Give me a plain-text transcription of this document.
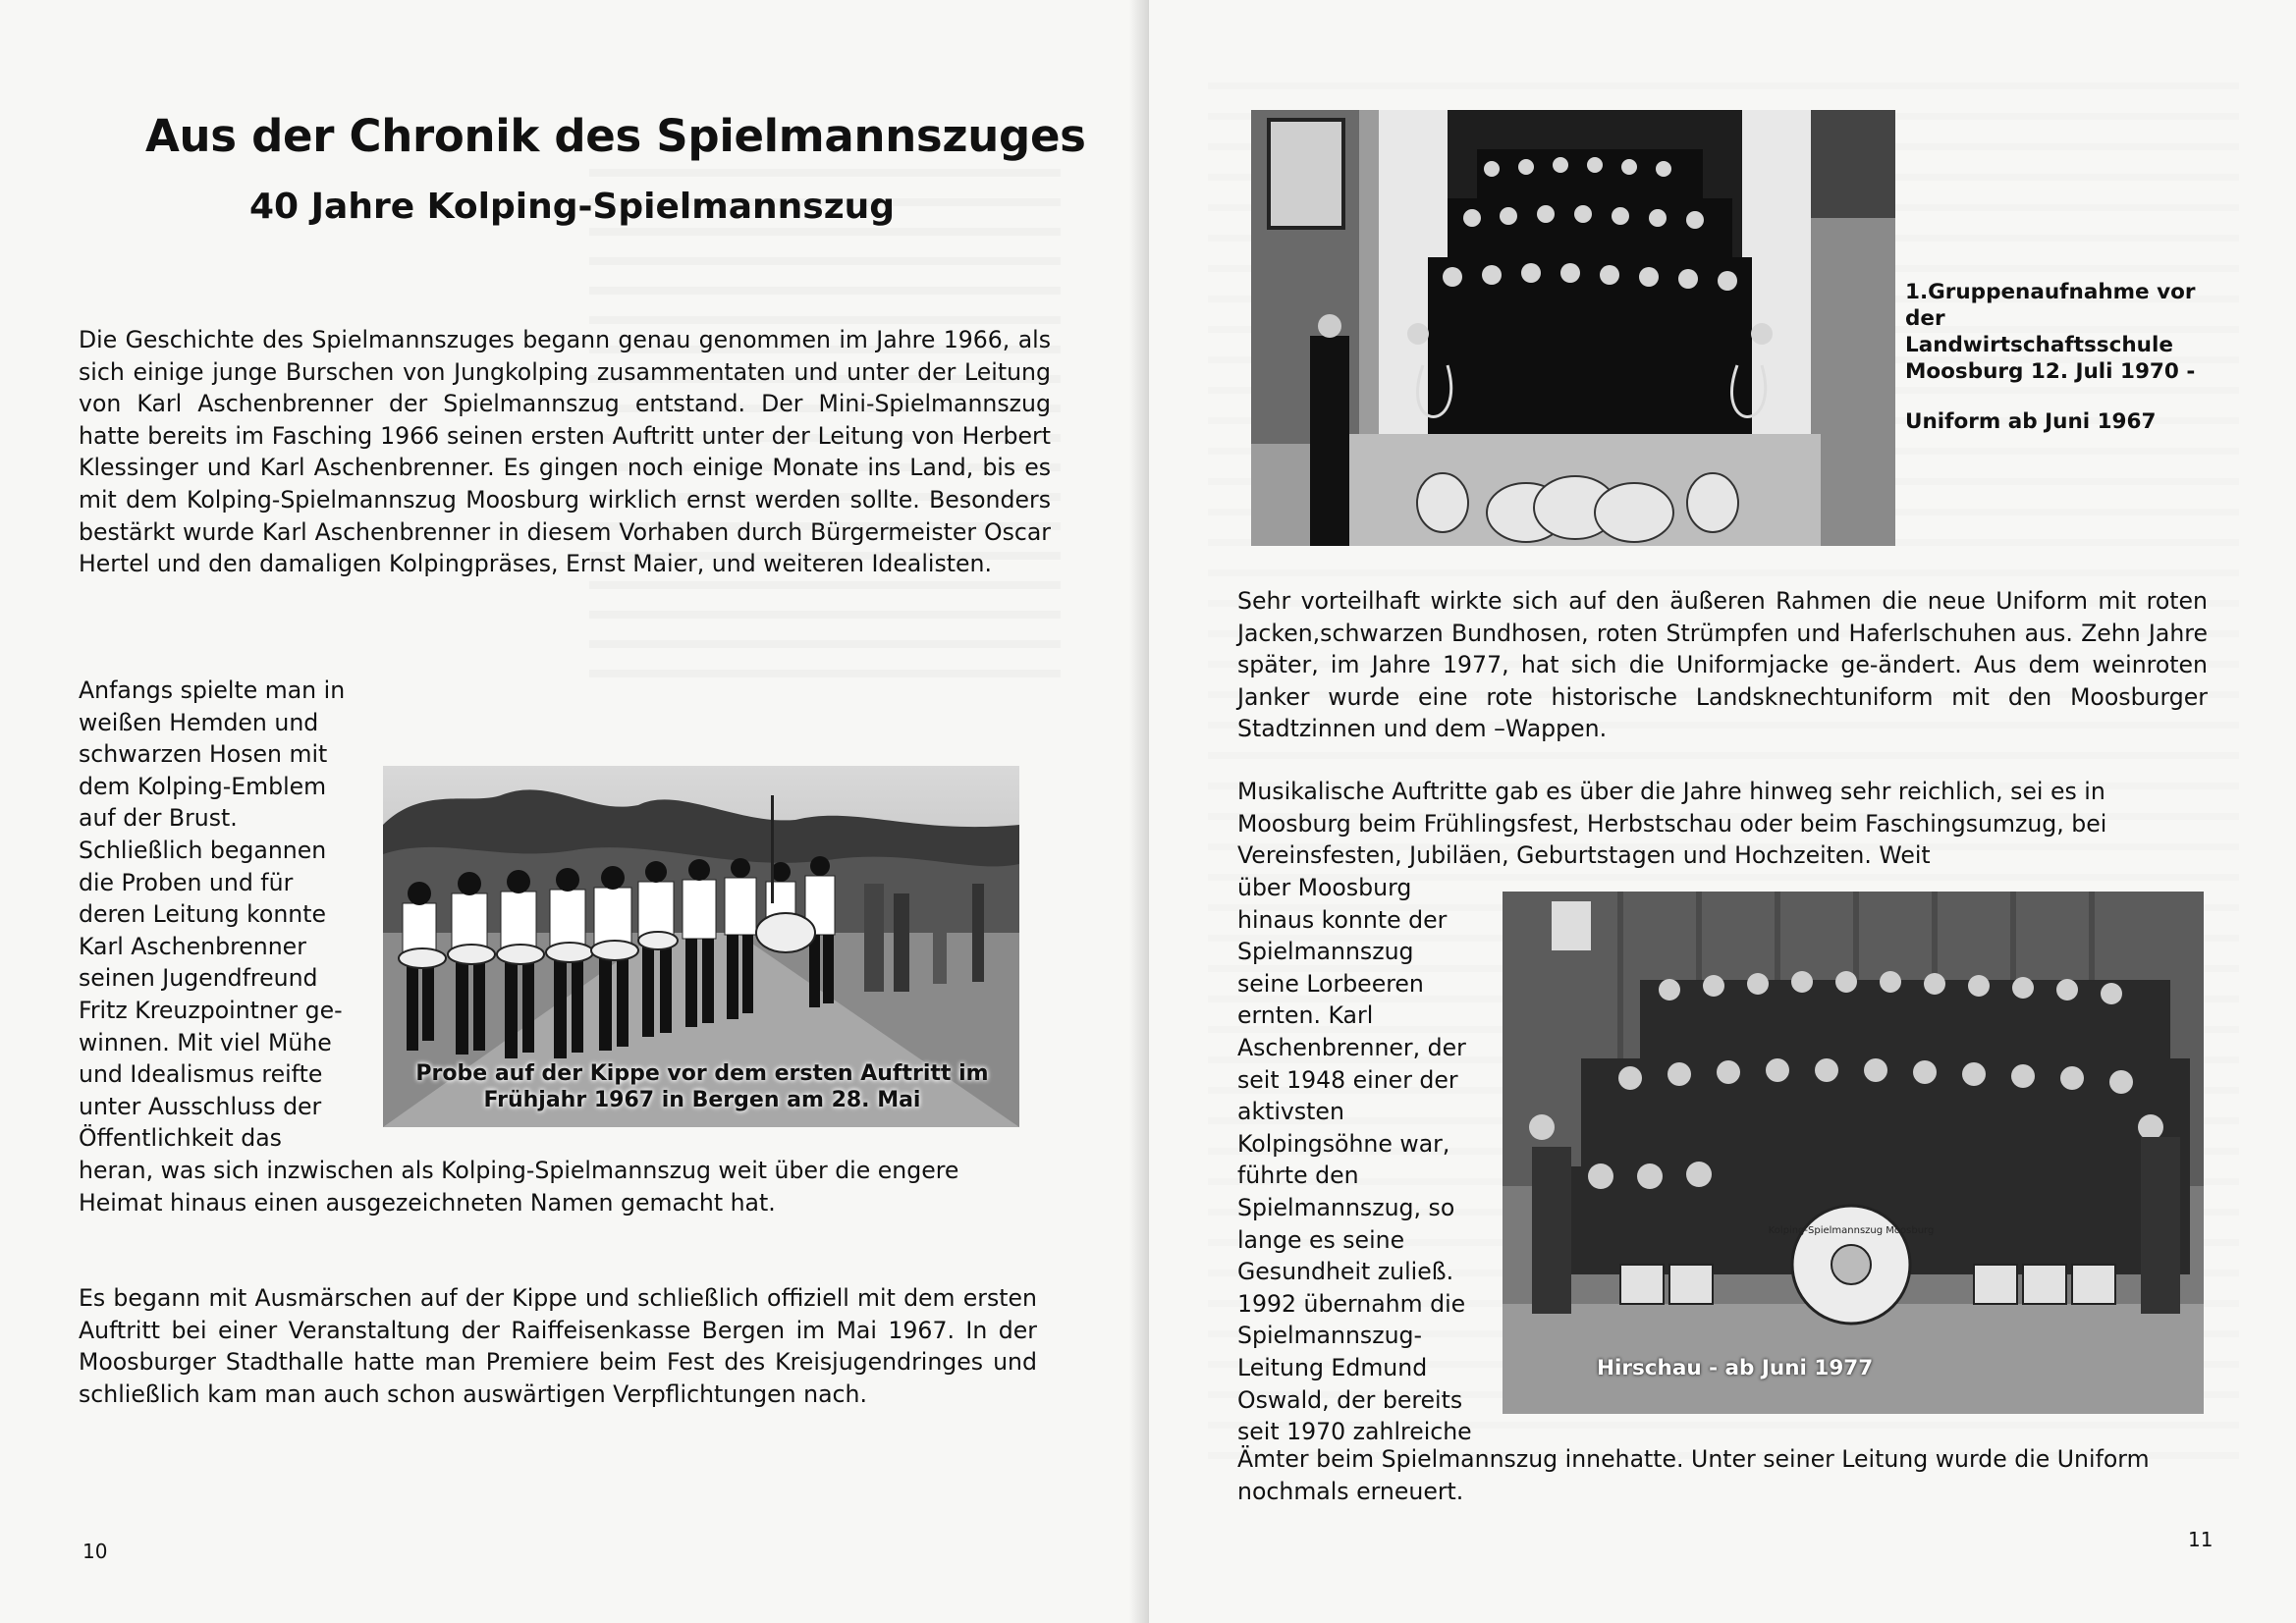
Aus der Chronik des Spielmannszuges
40 Jahre Kolping-Spielmannszug

Die Geschichte des Spielmannszuges begann genau genommen im Jahre 1966, als sich einige junge Burschen von Jungkolping zusammentaten und unter der Leitung von Karl Aschenbrenner der Spielmannszug entstand. Der Mini-Spielmannszug hatte bereits im Fasching 1966 seinen ersten Auftritt unter der Leitung von Herbert Klessinger und Karl Aschenbrenner. Es gingen noch einige Monate ins Land, bis es mit dem Kolping-Spielmannszug Moosburg wirklich ernst werden sollte. Besonders bestärkt wurde Karl Aschenbrenner in diesem Vorhaben durch Bürgermeister Oscar Hertel und den damaligen Kolpingpräses, Ernst Maier, und weiteren Idealisten.

Anfangs spielte man in
weißen Hemden und
schwarzen Hosen mit
dem Kolping-Emblem
auf der Brust.
Schließlich begannen
die Proben und für
deren Leitung konnte
Karl Aschenbrenner
seinen Jugendfreund
Fritz Kreuzpointner ge-
winnen. Mit viel Mühe
und Idealismus reifte
unter Ausschluss der
Öffentlichkeit das

heran, was sich inzwischen als Kolping-Spielmannszug weit über die engere Heimat hinaus einen ausgezeichneten Namen gemacht hat.

Probe auf der Kippe vor dem ersten Auftritt im
Frühjahr 1967 in Bergen am 28. Mai

Es begann mit Ausmärschen auf der Kippe und schließlich offiziell mit dem ersten Auftritt bei einer Veranstaltung der Raiffeisenkasse Bergen im Mai 1967. In der Moosburger Stadthalle hatte man Premiere beim Fest des Kreisjugendringes und schließlich kam man auch schon auswärtigen Verpflichtungen nach.

10
1.Gruppenaufnahme vor
der Landwirtschaftsschule
Moosburg 12. Juli 1970 -
Uniform ab Juni 1967

Sehr vorteilhaft wirkte sich auf den äußeren Rahmen die neue Uniform mit roten Jacken,schwarzen Bundhosen, roten Strümpfen und Haferlschuhen aus. Zehn Jahre später, im Jahre 1977, hat sich die Uniformjacke ge-ändert. Aus dem weinroten Janker wurde eine rote historische Landsknechtuniform mit den Moosburger Stadtzinnen und dem –Wappen.

Musikalische Auftritte gab es über die Jahre hinweg sehr reichlich, sei es in
Moosburg beim Frühlingsfest, Herbstschau oder beim Faschingsumzug, bei
Vereinsfesten, Jubiläen, Geburtstagen und Hochzeiten. Weit
über Moosburg
hinaus konnte der
Spielmannszug
seine Lorbeeren
ernten. Karl
Aschenbrenner, der
seit 1948 einer der
aktivsten
Kolpingsöhne war,
führte den
Spielmannszug, so
lange es seine
Gesundheit zuließ.
1992 übernahm die
Spielmannszug-
Leitung Edmund
Oswald, der bereits
seit 1970 zahlreiche
Ämter beim Spielmannszug innehatte. Unter seiner Leitung wurde die Uniform
nochmals erneuert.
Kolping-Spielmannszug Moosburg
Hirschau - ab Juni 1977
11
